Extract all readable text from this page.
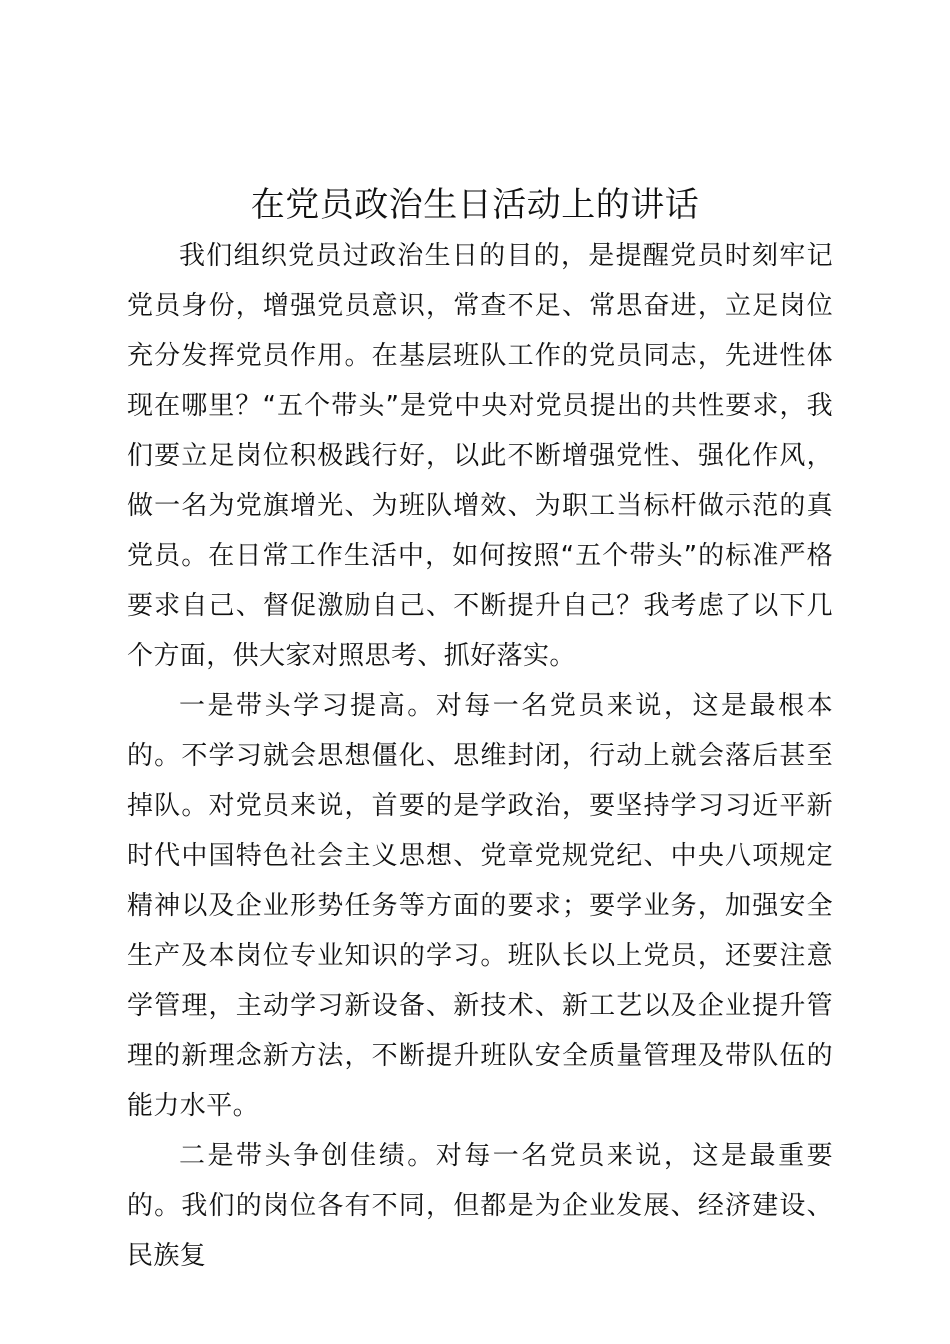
在党员政治生日活动上的讲话

我们组织党员过政治生日的目的，是提醒党员时刻牢记党员身份，增强党员意识，常查不足、常思奋进，立足岗位充分发挥党员作用。在基层班队工作的党员同志，先进性体现在哪里？“五个带头”是党中央对党员提出的共性要求，我们要立足岗位积极践行好，以此不断增强党性、强化作风，做一名为党旗增光、为班队增效、为职工当标杆做示范的真党员。在日常工作生活中，如何按照“五个带头”的标准严格要求自己、督促激励自己、不断提升自己？我考虑了以下几个方面，供大家对照思考、抓好落实。

一是带头学习提高。对每一名党员来说，这是最根本的。不学习就会思想僵化、思维封闭，行动上就会落后甚至掉队。对党员来说，首要的是学政治，要坚持学习习近平新时代中国特色社会主义思想、党章党规党纪、中央八项规定精神以及企业形势任务等方面的要求；要学业务，加强安全生产及本岗位专业知识的学习。班队长以上党员，还要注意学管理，主动学习新设备、新技术、新工艺以及企业提升管理的新理念新方法，不断提升班队安全质量管理及带队伍的能力水平。

二是带头争创佳绩。对每一名党员来说，这是最重要的。我们的岗位各有不同，但都是为企业发展、经济建设、民族复
